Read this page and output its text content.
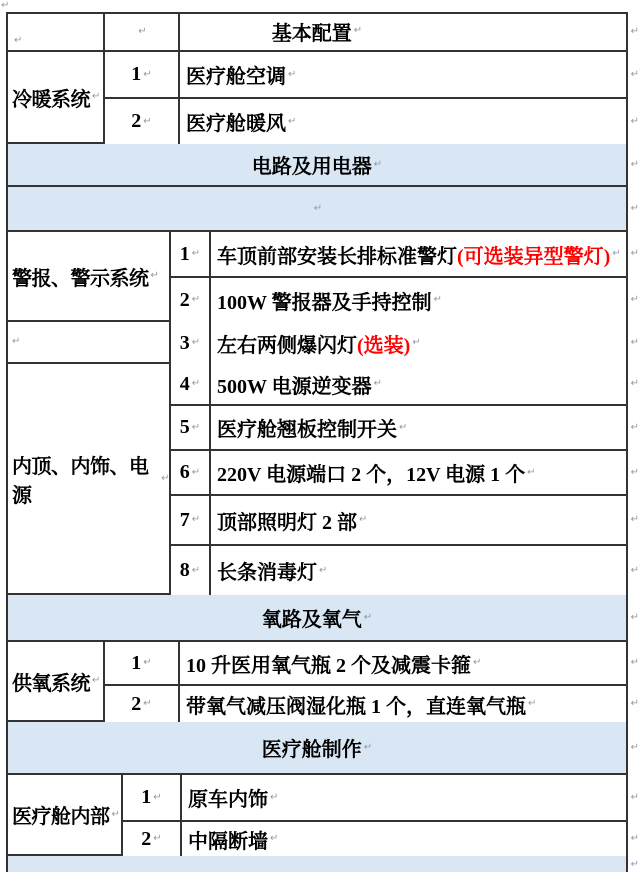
↵
↵
↵	基本配置 ↵	↵
冷暖系统 ↵
1 ↵ 医疗舱空调 ↵	↵
2 ↵ 医疗舱暖风 ↵	↵
电路及用电器 ↵	↵
↵	↵
警报、警示系统 ↵
1 ↵ 车顶前部安装长排标准警灯 (可选装异型警灯) ↵ ↵
2 ↵ 100W 警报器及手持控制 ↵	↵
↵	3 ↵ 左右两侧爆闪灯 (选装) ↵	↵
内顶、内饰、电源
↵
4 ↵ 500W 电源逆变器 ↵	↵
5 ↵ 医疗舱翘板控制开关 ↵	↵
6 ↵ 220V 电源端口 2 个，12V 电源 1 个 ↵	↵
7 ↵ 顶部照明灯 2 部 ↵	↵
8 ↵ 长条消毒灯 ↵	↵
氧路及氧气 ↵	↵
供氧系统 ↵
1 ↵ 10 升医用氧气瓶 2 个及减震卡箍 ↵	↵
2 ↵ 带氧气减压阀湿化瓶 1 个，直连氧气瓶 ↵	↵
医疗舱制作 ↵	↵
医疗舱内部 ↵
1 ↵ 原车内饰 ↵	↵
2 ↵ 中隔断墙 ↵	↵
↵
